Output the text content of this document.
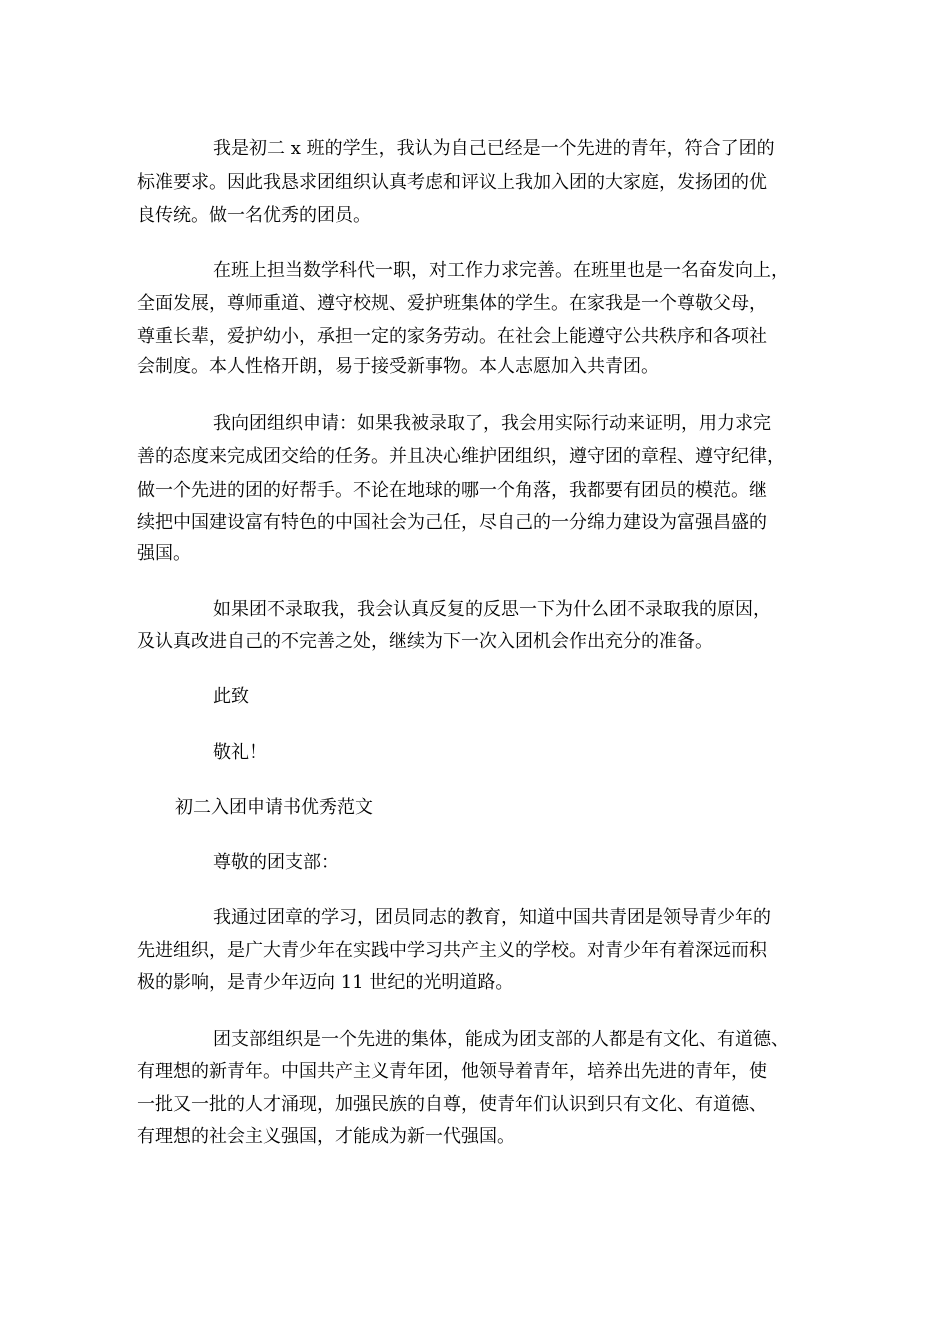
我是初二 x 班的学生，我认为自己已经是一个先进的青年，符合了团的
标准要求。因此我恳求团组织认真考虑和评议上我加入团的大家庭，发扬团的优
良传统。做一名优秀的团员。
在班上担当数学科代一职，对工作力求完善。在班里也是一名奋发向上，
全面发展，尊师重道、遵守校规、爱护班集体的学生。在家我是一个尊敬父母，
尊重长辈，爱护幼小，承担一定的家务劳动。在社会上能遵守公共秩序和各项社
会制度。本人性格开朗，易于接受新事物。本人志愿加入共青团。
我向团组织申请：如果我被录取了，我会用实际行动来证明，用力求完
善的态度来完成团交给的任务。并且决心维护团组织，遵守团的章程、遵守纪律，
做一个先进的团的好帮手。不论在地球的哪一个角落，我都要有团员的模范。继
续把中国建设富有特色的中国社会为己任，尽自己的一分绵力建设为富强昌盛的
强国。
如果团不录取我，我会认真反复的反思一下为什么团不录取我的原因，
及认真改进自己的不完善之处，继续为下一次入团机会作出充分的准备。
此致
敬礼！
初二入团申请书优秀范文
尊敬的团支部：
我通过团章的学习，团员同志的教育，知道中国共青团是领导青少年的
先进组织，是广大青少年在实践中学习共产主义的学校。对青少年有着深远而积
极的影响，是青少年迈向 11 世纪的光明道路。
团支部组织是一个先进的集体，能成为团支部的人都是有文化、有道德、
有理想的新青年。中国共产主义青年团，他领导着青年，培养出先进的青年，使
一批又一批的人才涌现，加强民族的自尊，使青年们认识到只有文化、有道德、
有理想的社会主义强国，才能成为新一代强国。
